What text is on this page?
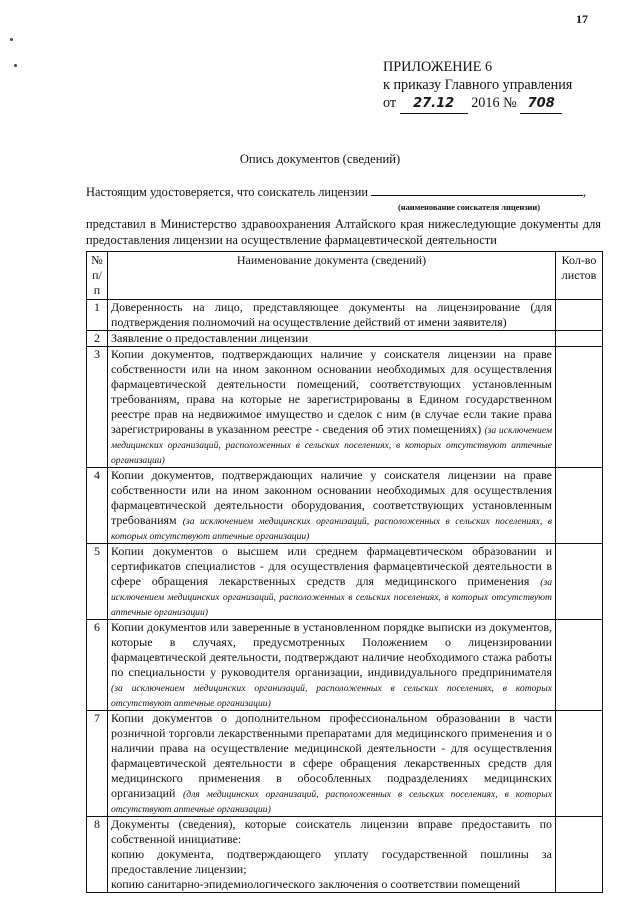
17
ПРИЛОЖЕНИЕ 6
к приказу Главного управления
от 27.12 2016 № 708
Опись документов (сведений)
Настоящим удостоверяется, что соискатель лицензии	,
(наименование соискателя лицензии)
представил в Министерство здравоохранения Алтайского края нижеследующие документы для предоставления лицензии на осуществление фармацевтической деятельности
№ п/п	Наименование документа (сведений)	Кол-во листов
1	Доверенность на лицо, представляющее документы на лицензирование (для подтверждения полномочий на осуществление действий от имени заявителя)	
2	Заявление о предоставлении лицензии	
3	Копии документов, подтверждающих наличие у соискателя лицензии на праве собственности или на ином законном основании необходимых для осуществления фармацевтической деятельности помещений, соответствующих установленным требованиям, права на которые не зарегистрированы в Едином государственном реестре прав на недвижимое имущество и сделок с ним (в случае если такие права зарегистрированы в указанном реестре - сведения об этих помещениях) (за исключением медицинских организаций, расположенных в сельских поселениях, в которых отсутствуют аптечные организации)	
4	Копии документов, подтверждающих наличие у соискателя лицензии на праве собственности или на ином законном основании необходимых для осуществления фармацевтической деятельности оборудования, соответствующих установленным требованиям (за исключением медицинских организаций, расположенных в сельских поселениях, в которых отсутствуют аптечные организации)	
5	Копии документов о высшем или среднем фармацевтическом образовании и сертификатов специалистов - для осуществления фармацевтической деятельности в сфере обращения лекарственных средств для медицинского применения (за исключением медицинских организаций, расположенных в сельских поселениях, в которых отсутствуют аптечные организации)	
6	Копии документов или заверенные в установленном порядке выписки из документов, которые в случаях, предусмотренных Положением о лицензировании фармацевтической деятельности, подтверждают наличие необходимого стажа работы по специальности у руководителя организации, индивидуального предпринимателя (за исключением медицинских организаций, расположенных в сельских поселениях, в которых отсутствуют аптечные организации)	
7	Копии документов о дополнительном профессиональном образовании в части розничной торговли лекарственными препаратами для медицинского применения и о наличии права на осуществление медицинской деятельности - для осуществления фармацевтической деятельности в сфере обращения лекарственных средств для медицинского применения в обособленных подразделениях медицинских организаций (для медицинских организаций, расположенных в сельских поселениях, в которых отсутствуют аптечные организации)	
8	Документы (сведения), которые соискатель лицензии вправе предоставить по собственной инициативе:
копию документа, подтверждающего уплату государственной пошлины за предоставление лицензии;
копию санитарно-эпидемиологического заключения о соответствии помещений	
